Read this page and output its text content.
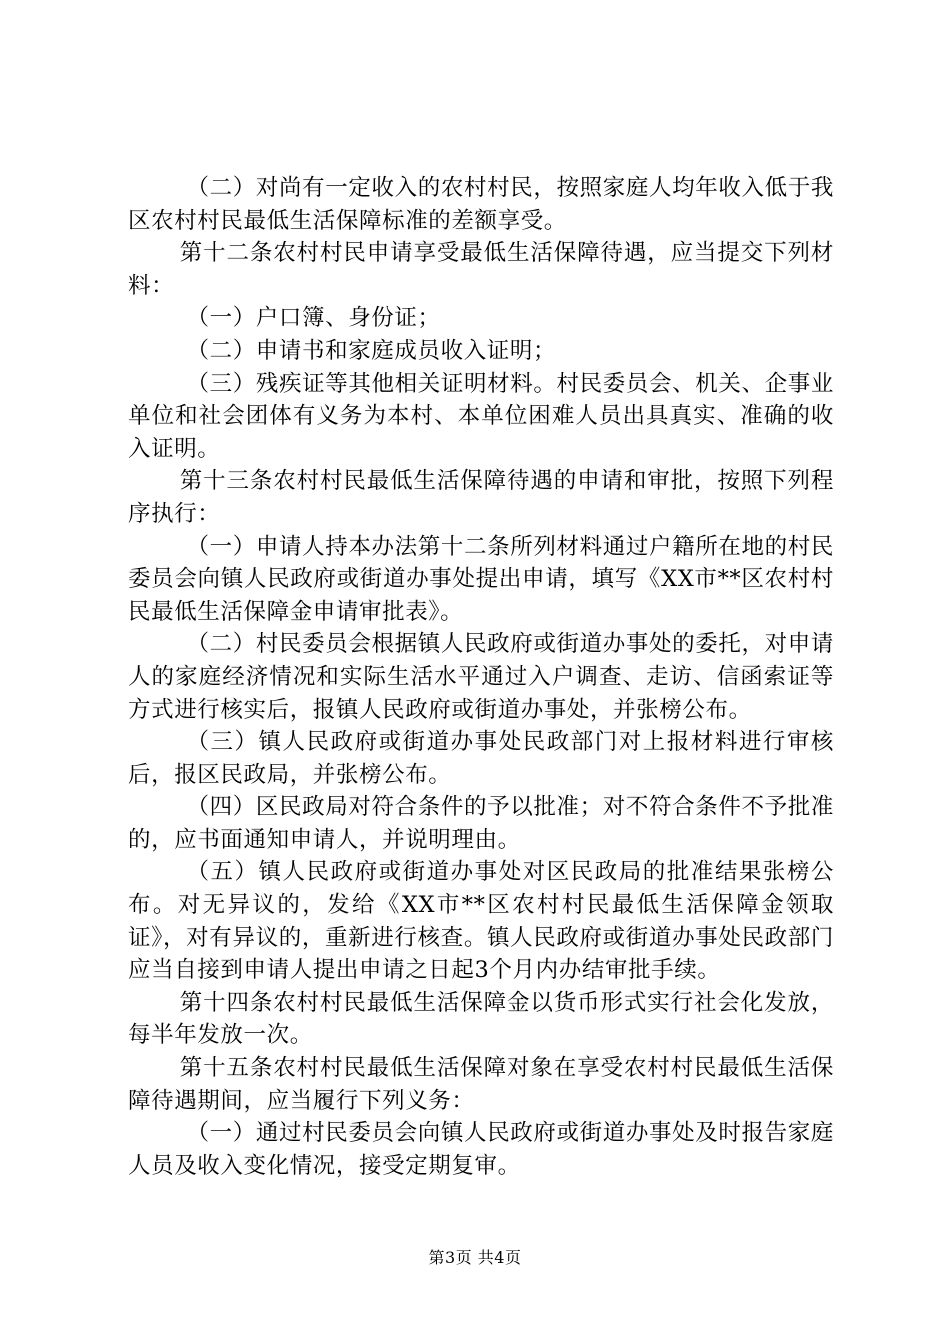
（二）对尚有一定收入的农村村民，按照家庭人均年收入低于我区农村村民最低生活保障标准的差额享受。

第十二条农村村民申请享受最低生活保障待遇，应当提交下列材料：

（一）户口簿、身份证；

（二）申请书和家庭成员收入证明；

（三）残疾证等其他相关证明材料。村民委员会、机关、企事业单位和社会团体有义务为本村、本单位困难人员出具真实、准确的收入证明。

第十三条农村村民最低生活保障待遇的申请和审批，按照下列程序执行：

（一）申请人持本办法第十二条所列材料通过户籍所在地的村民委员会向镇人民政府或街道办事处提出申请，填写《XX市**区农村村民最低生活保障金申请审批表》。

（二）村民委员会根据镇人民政府或街道办事处的委托，对申请人的家庭经济情况和实际生活水平通过入户调查、走访、信函索证等方式进行核实后，报镇人民政府或街道办事处，并张榜公布。

（三）镇人民政府或街道办事处民政部门对上报材料进行审核后，报区民政局，并张榜公布。

（四）区民政局对符合条件的予以批准；对不符合条件不予批准的，应书面通知申请人，并说明理由。

（五）镇人民政府或街道办事处对区民政局的批准结果张榜公布。对无异议的，发给《XX市**区农村村民最低生活保障金领取证》，对有异议的，重新进行核查。镇人民政府或街道办事处民政部门应当自接到申请人提出申请之日起3个月内办结审批手续。

第十四条农村村民最低生活保障金以货币形式实行社会化发放，每半年发放一次。

第十五条农村村民最低生活保障对象在享受农村村民最低生活保障待遇期间，应当履行下列义务：

（一）通过村民委员会向镇人民政府或街道办事处及时报告家庭人员及收入变化情况，接受定期复审。

第3页 共4页
